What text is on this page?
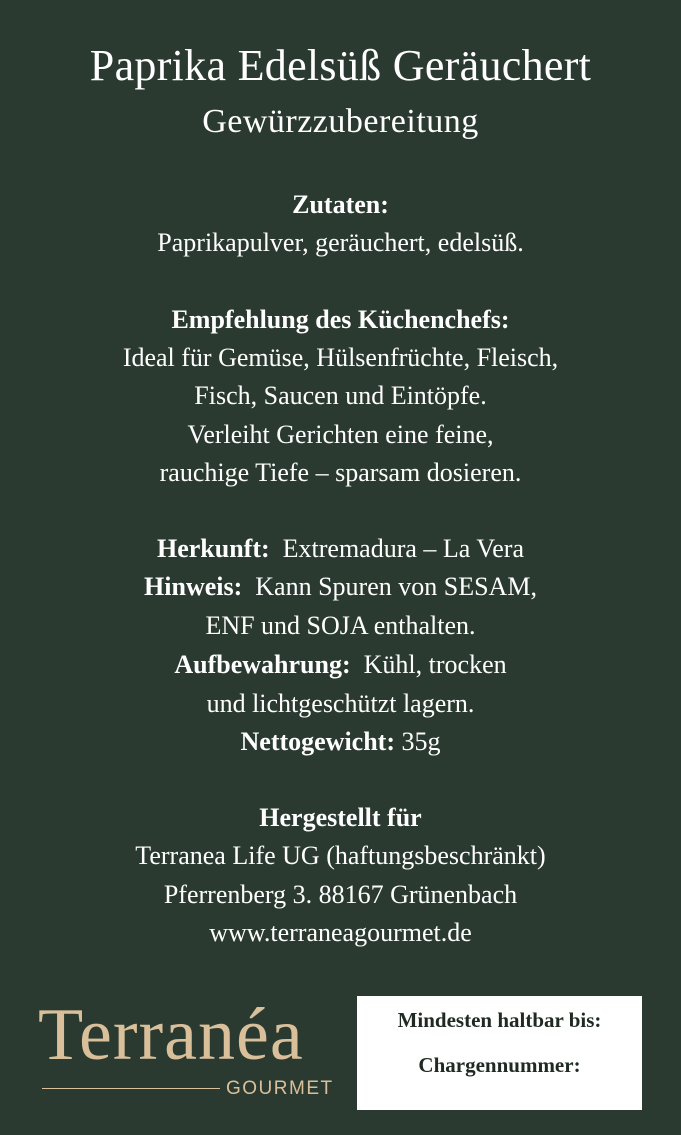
Paprika Edelsüß Geräuchert
Gewürzzubereitung
Zutaten:
Paprikapulver, geräuchert, edelsüß.
Empfehlung des Küchenchefs:
Ideal für Gemüse, Hülsenfrüchte, Fleisch,
Fisch, Saucen und Eintöpfe.
Verleiht Gerichten eine feine,
rauchige Tiefe – sparsam dosieren.
Herkunft: Extremadura – La Vera
Hinweis: Kann Spuren von SESAM,
ENF und SOJA enthalten.
Aufbewahrung: Kühl, trocken
und lichtgeschützt lagern.
Nettogewicht: 35g
Hergestellt für
Terranea Life UG (haftungsbeschränkt)
Pferrenberg 3. 88167 Grünenbach
www.terraneagourmet.de
Terranéa
GOURMET
Mindesten haltbar bis:
Chargennummer:
